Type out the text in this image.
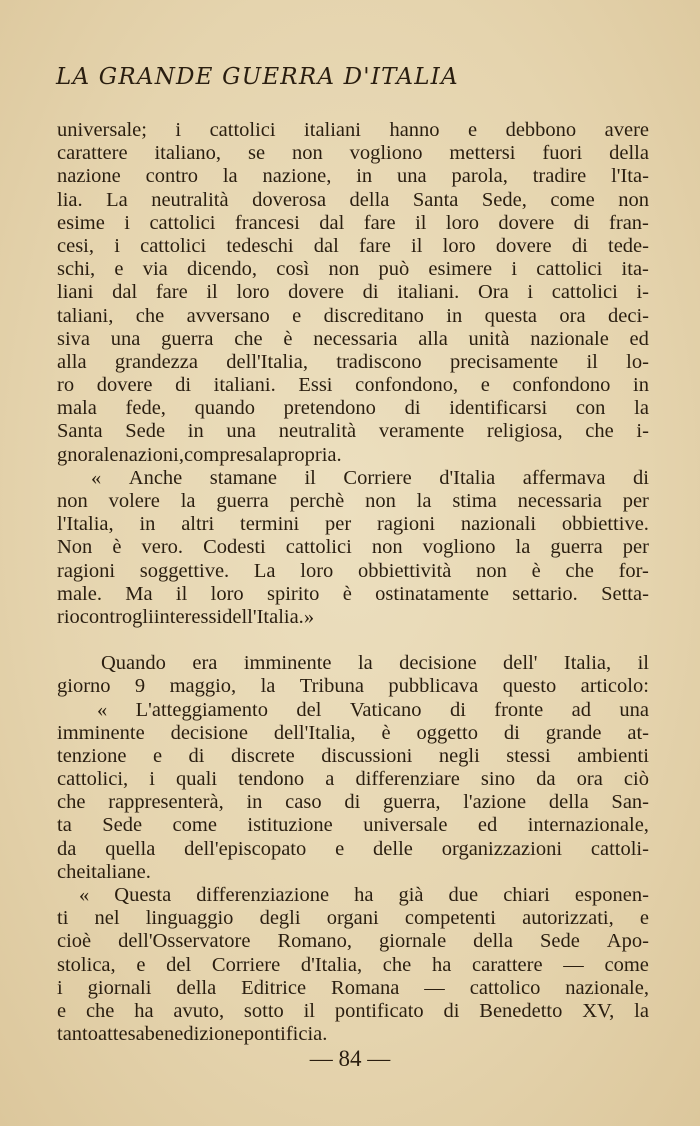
LA GRANDE GUERRA D'ITALIA
universale; i cattolici italiani hanno e debbono avere
carattere italiano, se non vogliono mettersi fuori della
nazione contro la nazione, in una parola, tradire l'Ita-
lia. La neutralità doverosa della Santa Sede, come non
esime i cattolici francesi dal fare il loro dovere di fran-
cesi, i cattolici tedeschi dal fare il loro dovere di tede-
schi, e via dicendo, così non può esimere i cattolici ita-
liani dal fare il loro dovere di italiani. Ora i cattolici i-
taliani, che avversano e discreditano in questa ora deci-
siva una guerra che è necessaria alla unità nazionale ed
alla grandezza dell'Italia, tradiscono precisamente il lo-
ro dovere di italiani. Essi confondono, e confondono in
mala fede, quando pretendono di identificarsi con la
Santa Sede in una neutralità veramente religiosa, che i-
gnora le nazioni, compresa la propria.
« Anche stamane il Corriere d'Italia affermava di
non volere la guerra perchè non la stima necessaria per
l'Italia, in altri termini per ragioni nazionali obbiettive.
Non è vero. Codesti cattolici non vogliono la guerra per
ragioni soggettive. La loro obbiettività non è che for-
male. Ma il loro spirito è ostinatamente settario. Setta-
rio contro gli interessi dell'Italia. »
Quando era imminente la decisione dell' Italia, il
giorno 9 maggio, la Tribuna pubblicava questo articolo:
« L'atteggiamento del Vaticano di fronte ad una
imminente decisione dell'Italia, è oggetto di grande at-
tenzione e di discrete discussioni negli stessi ambienti
cattolici, i quali tendono a differenziare sino da ora ciò
che rappresenterà, in caso di guerra, l'azione della San-
ta Sede come istituzione universale ed internazionale,
da quella dell'episcopato e delle organizzazioni cattoli-
che italiane.
« Questa differenziazione ha già due chiari esponen-
ti nel linguaggio degli organi competenti autorizzati, e
cioè dell'Osservatore Romano, giornale della Sede Apo-
stolica, e del Corriere d'Italia, che ha carattere — come
i giornali della Editrice Romana — cattolico nazionale,
e che ha avuto, sotto il pontificato di Benedetto XV, la
tanto attesa benedizione pontificia.
— 84 —
